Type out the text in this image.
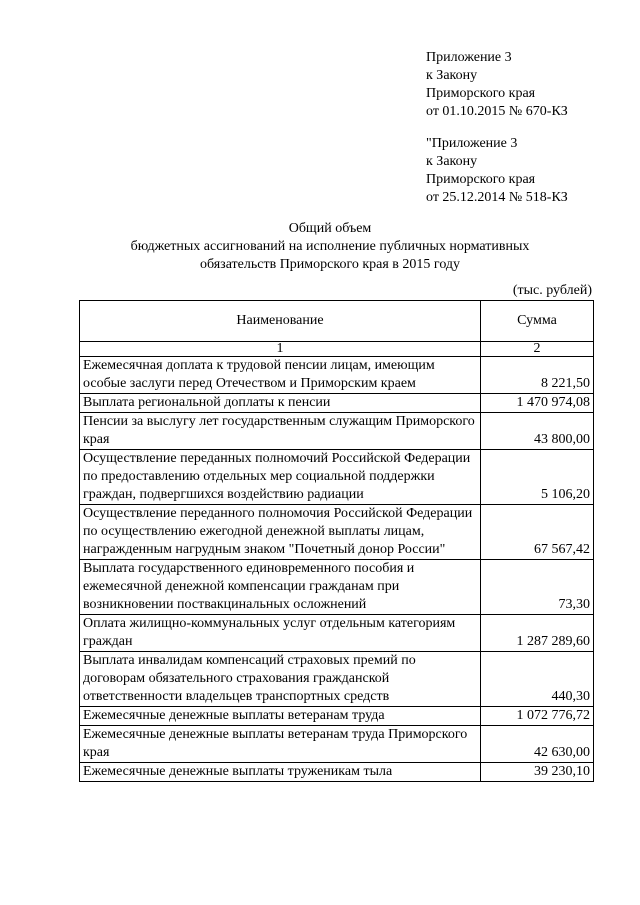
Приложение 3
к Закону
Приморского края
от 01.10.2015 № 670-КЗ
"Приложение 3
к Закону
Приморского края
от 25.12.2014 № 518-КЗ
Общий объем
бюджетных ассигнований на исполнение публичных нормативных
обязательств Приморского края в 2015 году
(тыс. рублей)
Наименование	Сумма
1	2
Ежемесячная доплата к трудовой пенсии лицам, имеющим особые заслуги перед Отечеством и Приморским краем	8 221,50
Выплата региональной доплаты к пенсии	1 470 974,08
Пенсии за выслугу лет государственным служащим Приморского края	43 800,00
Осуществление переданных полномочий Российской Федерации по предоставлению отдельных мер социальной поддержки граждан, подвергшихся воздействию радиации	5 106,20
Осуществление переданного полномочия Российской Федерации по осуществлению ежегодной денежной выплаты лицам, награжденным нагрудным знаком "Почетный донор России"	67 567,42
Выплата государственного единовременного пособия и ежемесячной денежной компенсации гражданам при возникновении поствакцинальных осложнений	73,30
Оплата жилищно-коммунальных услуг отдельным категориям граждан	1 287 289,60
Выплата инвалидам компенсаций страховых премий по договорам обязательного страхования гражданской ответственности владельцев транспортных средств	440,30
Ежемесячные денежные выплаты ветеранам труда	1 072 776,72
Ежемесячные денежные выплаты ветеранам труда Приморского края	42 630,00
Ежемесячные денежные выплаты труженикам тыла	39 230,10
